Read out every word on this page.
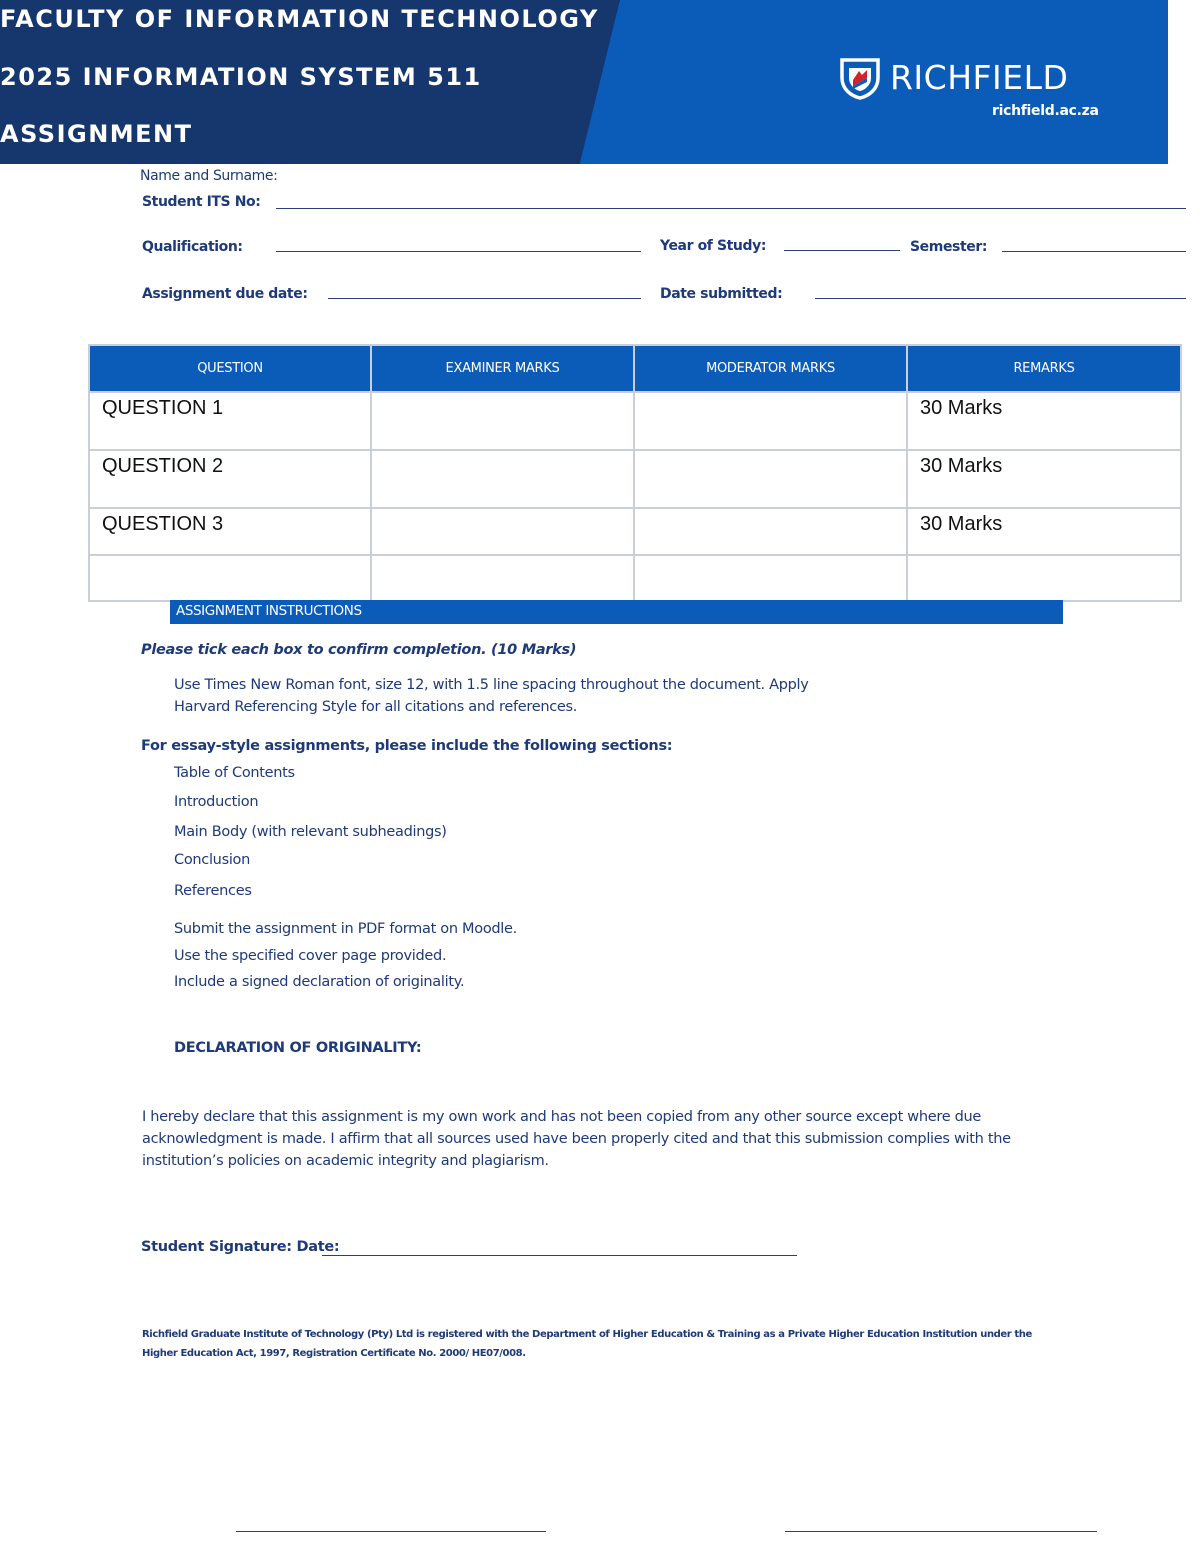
FACULTY OF INFORMATION TECHNOLOGY
2025 INFORMATION SYSTEM 511
ASSIGNMENT
RICHFIELD
richfield.ac.za
Name and Surname:
Student ITS No:
Qualification:	Year of Study:	Semester:
Assignment due date:	Date submitted:
QUESTION	EXAMINER MARKS	MODERATOR MARKS	REMARKS
QUESTION 1			30 Marks
QUESTION 2			30 Marks
QUESTION 3			30 Marks

ASSIGNMENT INSTRUCTIONS
Please tick each box to confirm completion. (10 Marks)
Use Times New Roman font, size 12, with 1.5 line spacing throughout the document. Apply
Harvard Referencing Style for all citations and references.
For essay-style assignments, please include the following sections:
Table of Contents
Introduction
Main Body (with relevant subheadings)
Conclusion
References
Submit the assignment in PDF format on Moodle.
Use the specified cover page provided.
Include a signed declaration of originality.
DECLARATION OF ORIGINALITY:
I hereby declare that this assignment is my own work and has not been copied from any other source except where due acknowledgment is made. I affirm that all sources used have been properly cited and that this submission complies with the institution’s policies on academic integrity and plagiarism.
Student Signature: Date:
Richfield Graduate Institute of Technology (Pty) Ltd is registered with the Department of Higher Education & Training as a Private Higher Education Institution under the Higher Education Act, 1997, Registration Certificate No. 2000/ HE07/008.
